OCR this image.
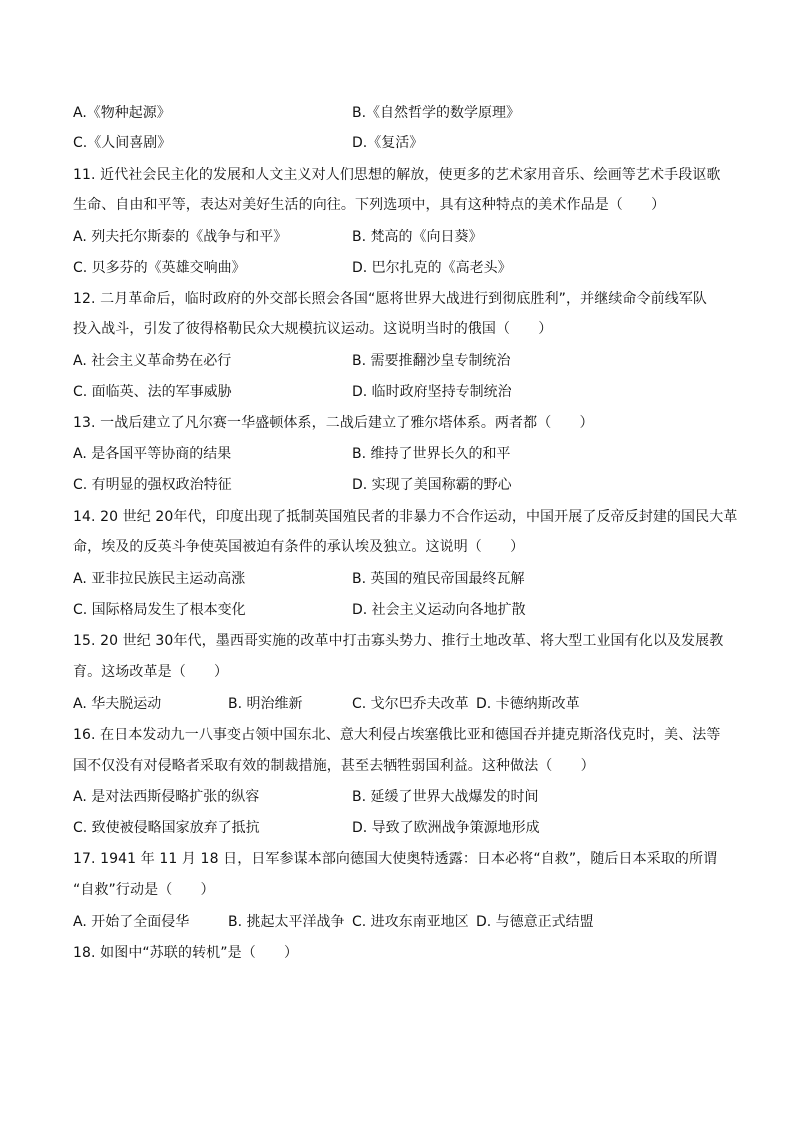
A.《物种起源》	B.《自然哲学的数学原理》
C.《人间喜剧》	D.《复活》
11. 近代社会民主化的发展和人文主义对人们思想的解放，使更多的艺术家用音乐、绘画等艺术手段讴歌
生命、自由和平等，表达对美好生活的向往。下列选项中，具有这种特点的美术作品是（　　）
A. 列夫托尔斯泰的《战争与和平》	B. 梵高的《向日葵》
C. 贝多芬的《英雄交响曲》	D. 巴尔扎克的《高老头》
12. 二月革命后，临时政府的外交部长照会各国“愿将世界大战进行到彻底胜利”，并继续命令前线军队
投入战斗，引发了彼得格勒民众大规模抗议运动。这说明当时的俄国（　　）
A. 社会主义革命势在必行	B. 需要推翻沙皇专制统治
C. 面临英、法的军事威胁	D. 临时政府坚持专制统治
13. 一战后建立了凡尔赛一华盛顿体系，二战后建立了雅尔塔体系。两者都（　　）
A. 是各国平等协商的结果	B. 维持了世界长久的和平
C. 有明显的强权政治特征	D. 实现了美国称霸的野心
14. 20 世纪 20年代，印度出现了抵制英国殖民者的非暴力不合作运动，中国开展了反帝反封建的国民大革
命，埃及的反英斗争使英国被迫有条件的承认埃及独立。这说明（　　）
A. 亚非拉民族民主运动高涨	B. 英国的殖民帝国最终瓦解
C. 国际格局发生了根本变化	D. 社会主义运动向各地扩散
15. 20 世纪 30年代，墨西哥实施的改革中打击寡头势力、推行土地改革、将大型工业国有化以及发展教
育。这场改革是（　　）
A. 华夫脱运动	B. 明治维新	C. 戈尔巴乔夫改革 D. 卡德纳斯改革
16. 在日本发动九一八事变占领中国东北、意大利侵占埃塞俄比亚和德国吞并捷克斯洛伐克时，美、法等
国不仅没有对侵略者采取有效的制裁措施，甚至去牺牲弱国利益。这种做法（　　）
A. 是对法西斯侵略扩张的纵容	B. 延缓了世界大战爆发的时间
C. 致使被侵略国家放弃了抵抗	D. 导致了欧洲战争策源地形成
17. 1941 年 11 月 18 日，日军参谋本部向德国大使奥特透露：日本必将“自救”，随后日本采取的所谓
“自救”行动是（　　）
A. 开始了全面侵华	B. 挑起太平洋战争 C. 进攻东南亚地区 D. 与德意正式结盟
18. 如图中“苏联的转机”是（　　）
